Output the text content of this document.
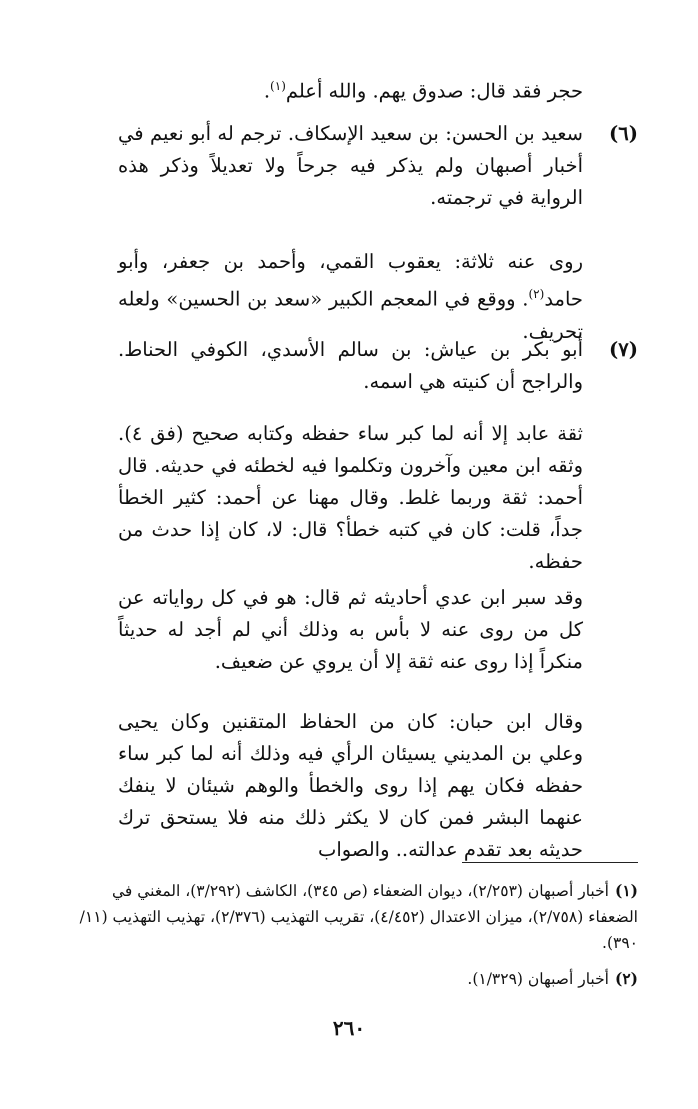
حجر فقد قال: صدوق يهم. والله أعلم$^{(١)}$.
(٦)
سعيد بن الحسن: بن سعيد الإسكاف. ترجم له أبو نعيم في أخبار أصبهان ولم يذكر فيه جرحاً ولا تعديلاً وذكر هذه الرواية في ترجمته.
روى عنه ثلاثة: يعقوب القمي، وأحمد بن جعفر، وأبو حامد$^{(٢)}$. ووقع في المعجم الكبير «سعد بن الحسين» ولعله تحريف.
(٧)
أبو بكر بن عياش: بن سالم الأسدي، الكوفي الحناط. والراجح أن كنيته هي اسمه.
ثقة عابد إلا أنه لما كبر ساء حفظه وكتابه صحيح (فق ٤). وثقه ابن معين وآخرون وتكلموا فيه لخطئه في حديثه. قال أحمد: ثقة وربما غلط. وقال مهنا عن أحمد: كثير الخطأ جداً، قلت: كان في كتبه خطأ؟ قال: لا، كان إذا حدث من حفظه.
وقد سبر ابن عدي أحاديثه ثم قال: هو في كل رواياته عن كل من روى عنه لا بأس به وذلك أني لم أجد له حديثاً منكراً إذا روى عنه ثقة إلا أن يروي عن ضعيف.
وقال ابن حبان: كان من الحفاظ المتقنين وكان يحيى وعلي بن المديني يسيئان الرأي فيه وذلك أنه لما كبر ساء حفظه فكان يهم إذا روى والخطأ والوهم شيئان لا ينفك عنهما البشر فمن كان لا يكثر ذلك منه فلا يستحق ترك حديثه بعد تقدم عدالته.. والصواب
(١)أخبار أصبهان (٢/٢٥٣)، ديوان الضعفاء (ص ٣٤٥)، الكاشف (٣/٢٩٢)، المغني في الضعفاء (٢/٧٥٨)، ميزان الاعتدال (٤/٤٥٢)، تقريب التهذيب (٢/٣٧٦)، تهذيب التهذيب (١١/ ٣٩٠).
(٢)أخبار أصبهان (١/٣٢٩).
٢٦٠
